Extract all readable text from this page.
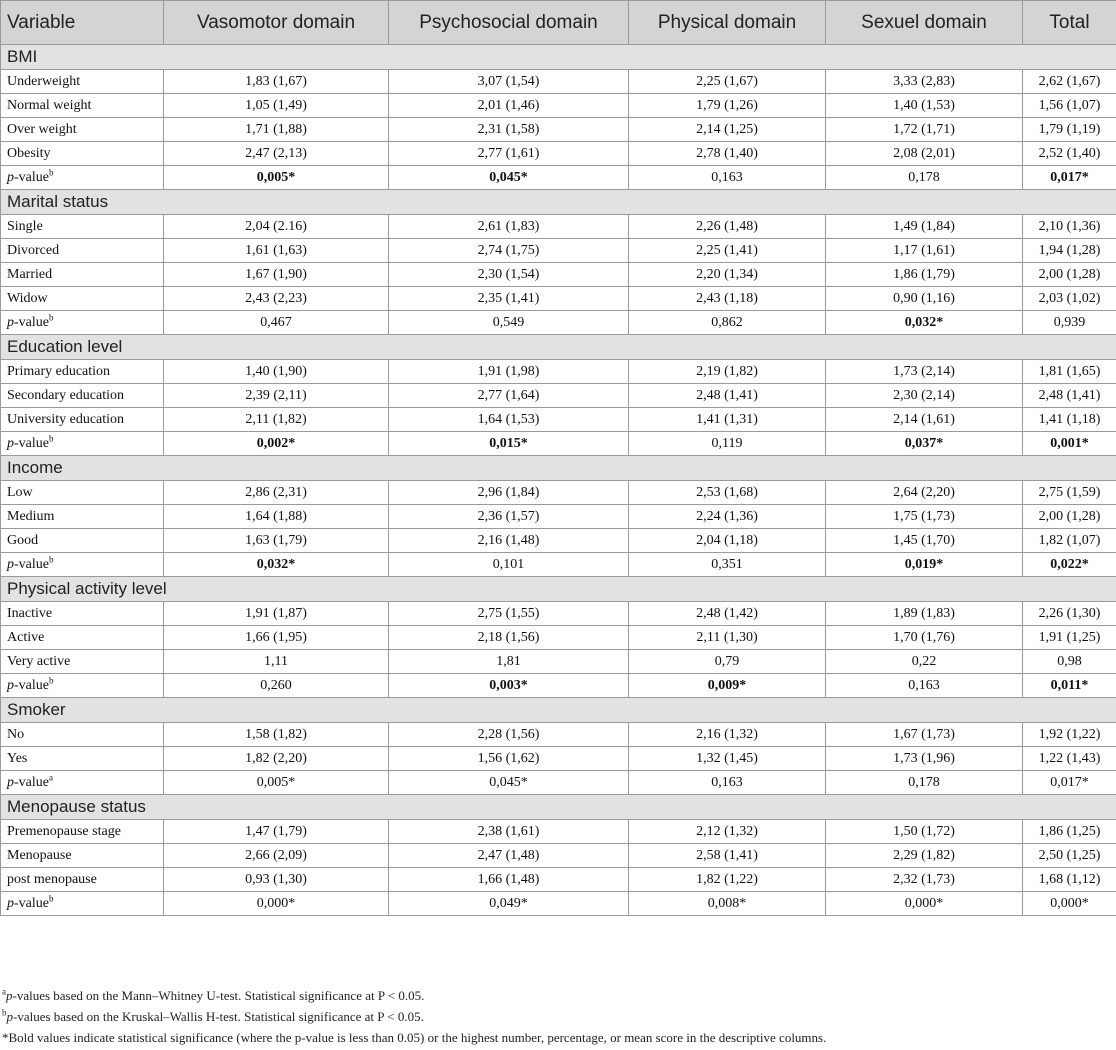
Variable	Vasomotor domain	Psychosocial domain	Physical domain	Sexuel domain	Total
BMI					
Underweight	1,83 (1,67)	3,07 (1,54)	2,25 (1,67)	3,33 (2,83)	2,62 (1,67)
Normal weight	1,05 (1,49)	2,01 (1,46)	1,79 (1,26)	1,40 (1,53)	1,56 (1,07)
Over weight	1,71 (1,88)	2,31 (1,58)	2,14 (1,25)	1,72 (1,71)	1,79 (1,19)
Obesity	2,47 (2,13)	2,77 (1,61)	2,78 (1,40)	2,08 (2,01)	2,52 (1,40)
p-value$^b$	0,005*	0,045*	0,163	0,178	0,017*
Marital status					
Single	2,04 (2.16)	2,61 (1,83)	2,26 (1,48)	1,49 (1,84)	2,10 (1,36)
Divorced	1,61 (1,63)	2,74 (1,75)	2,25 (1,41)	1,17 (1,61)	1,94 (1,28)
Married	1,67 (1,90)	2,30 (1,54)	2,20 (1,34)	1,86 (1,79)	2,00 (1,28)
Widow	2,43 (2,23)	2,35 (1,41)	2,43 (1,18)	0,90 (1,16)	2,03 (1,02)
p-value$^b$	0,467	0,549	0,862	0,032*	0,939
Education level					
Primary education	1,40 (1,90)	1,91 (1,98)	2,19 (1,82)	1,73 (2,14)	1,81 (1,65)
Secondary education	2,39 (2,11)	2,77 (1,64)	2,48 (1,41)	2,30 (2,14)	2,48 (1,41)
University education	2,11 (1,82)	1,64 (1,53)	1,41 (1,31)	2,14 (1,61)	1,41 (1,18)
p-value$^b$	0,002*	0,015*	0,119	0,037*	0,001*
Income					
Low	2,86 (2,31)	2,96 (1,84)	2,53 (1,68)	2,64 (2,20)	2,75 (1,59)
Medium	1,64 (1,88)	2,36 (1,57)	2,24 (1,36)	1,75 (1,73)	2,00 (1,28)
Good	1,63 (1,79)	2,16 (1,48)	2,04 (1,18)	1,45 (1,70)	1,82 (1,07)
p-value$^b$	0,032*	0,101	0,351	0,019*	0,022*
Physical activity level					
Inactive	1,91 (1,87)	2,75 (1,55)	2,48 (1,42)	1,89 (1,83)	2,26 (1,30)
Active	1,66 (1,95)	2,18 (1,56)	2,11 (1,30)	1,70 (1,76)	1,91 (1,25)
Very active	1,11	1,81	0,79	0,22	0,98
p-value$^b$	0,260	0,003*	0,009*	0,163	0,011*
Smoker					
No	1,58 (1,82)	2,28 (1,56)	2,16 (1,32)	1,67 (1,73)	1,92 (1,22)
Yes	1,82 (2,20)	1,56 (1,62)	1,32 (1,45)	1,73 (1,96)	1,22 (1,43)
p-value$^a$	0,005*	0,045*	0,163	0,178	0,017*
Menopause status					
Premenopause stage	1,47 (1,79)	2,38 (1,61)	2,12 (1,32)	1,50 (1,72)	1,86 (1,25)
Menopause	2,66 (2,09)	2,47 (1,48)	2,58 (1,41)	2,29 (1,82)	2,50 (1,25)
post menopause	0,93 (1,30)	1,66 (1,48)	1,82 (1,22)	2,32 (1,73)	1,68 (1,12)
p-value$^b$	0,000*	0,049*	0,008*	0,000*	0,000*
$^a$p-values based on the Mann–Whitney U-test. Statistical significance at P < 0.05.
$^b$p-values based on the Kruskal–Wallis H-test. Statistical significance at P < 0.05.
*Bold values indicate statistical significance (where the p-value is less than 0.05) or the highest number, percentage, or mean score in the descriptive columns.
